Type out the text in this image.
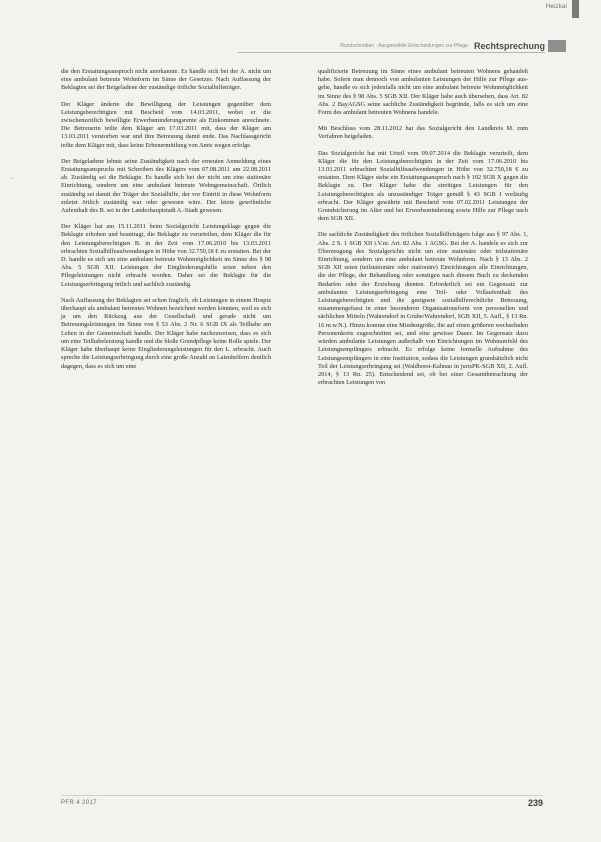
Heizkal
Rundschreiben · Ausgewählte Entscheidungen zur Pflege Rechtsprechung
–

die den Erstattungsanspruch nicht anerkannte. Es handle sich bei der A. nicht um eine ambulant betreute Wohnform im Sinne der Gesetzes. Nach Auffassung der Beklagten sei der Beigeladene der zuständige örtliche Sozialhilfeträger.

Der Kläger änderte die Bewilligung der Leistungen gegenüber dem Leistungsberechtigten mit Bescheid vom 14.03.2011, wobei er die zwischenzeitlich bewilligte Erwerbsminderungsrente als Einkommen anrechnete. Die Betreuerin teilte dem Kläger am 17.03.2011 mit, dass der Kläger am 13.03.2011 verstorben war und ihre Betreuung damit ende. Das Nachlassgericht teilte dem Kläger mit, dass keine Erbenermittlung von Amts wegen erfolge.

Der Beigeladene lehnte seine Zuständigkeit nach der erneuten Anmeldung eines Erstattungsanspruchs mit Schreiben des Klägers vom 07.08.2011 am 22.08.2011 ab. Zuständig sei die Beklagte. Es handle sich bei der nicht um eine stationäre Einrichtung, sondern um eine ambulant betreute Wohngemeinschaft. Örtlich zuständig sei damit der Träger der Sozialhilfe, der vor Eintritt in diese Wohnform zuletzt örtlich zuständig war oder gewesen wäre. Der letzte gewöhnliche Aufenthalt des B. sei in der Landeshauptstadt A.-Stadt gewesen.

Der Kläger hat am 15.11.2011 beim Sozialgericht Leistungsklage gegen die Beklagte erhoben und beantragt, die Beklagte zu verurteilen, dem Kläger die für den Leistungsberechtigten B. in der Zeit vom 17.06.2010 bis 13.03.2011 erbrachten Sozialhilfeaufwendungen in Höhe von 32.750,18 € zu erstatten. Bei der D. handle es sich um eine ambulant betreute Wohnmöglichkeit im Sinne des § 98 Abs. 5 SGB XII. Leistungen der Eingliederungshilfe seien neben den Pflegeleistungen nicht erbracht worden. Daher sei die Beklagte für die Leistungserbringung örtlich und sachlich zuständig.

Nach Auffassung der Beklagten sei schon fraglich, ob Leistungen in einem Hospiz überhaupt als ambulant betreutes Wohnen bezeichnet werden könnten, weil es sich ja um den Rückzug aus der Gesellschaft und gerade nicht um Betreuungsleistungen im Sinne von § 53 Abs. 2 Nr. 6 SGB IX als Teilhabe am Leben in der Gemeinschaft handle. Der Kläger habe nachzuweisen, dass es sich um eine Teilhabeleistung handle und die bloße Grundpflege keine Rolle spiele. Der Kläger habe überhaupt keine Eingliederungsleistungen für den L. erbracht. Auch spreche die Leistungserbringung durch eine große Anzahl an Laienhelfern deutlich dagegen, dass es sich um eine

qualifizierte Betreuung im Sinne eines ambulant betreuten Wohnens gehandelt habe. Sofern man dennoch von ambulanten Leistungen der Hilfe zur Pflege ausgehe, handle es sich jedenfalls nicht um eine ambulant betreute Wohnmöglichkeit im Sinne des § 98 Abs. 5 SGB XII. Der Kläger habe auch übersehen, dass Art. 82 Abs. 2 BayAGSG seine sachliche Zuständigkeit begründe, falls es sich um eine Form des ambulant betreuten Wohnens handele.

Mit Beschluss vom 28.11.2012 hat das Sozialgericht den Landkreis M. zum Verfahren beigeladen.

Das Sozialgericht hat mit Urteil vom 09.07.2014 die Beklagte verurteilt, dem Kläger die für den Leistungsberechtigten in der Zeit vom 17.06.2010 bis 13.03.2011 erbrachten Sozialhilfeaufwendungen in Höhe von 32.750,18 € zu erstatten. Dem Kläger stehe ein Erstattungsanspruch nach § 102 SGB X gegen die Beklagte zu. Der Kläger habe die streitigen Leistungen für den Leistungsberechtigten als unzuständiger Träger gemäß § 43 SGB I vorläufig erbracht. Der Kläger gewährte mit Bescheid vom 07.02.2011 Leistungen der Grundsicherung im Alter und bei Erwerbsminderung sowie Hilfe zur Pflege nach dem SGB XII.

Die sachliche Zuständigkeit des örtlichen Sozialhilfeträgers folge aus § 97 Abs. 1, Abs. 2 S. 1 SGB XII i.V.m. Art. 82 Abs. 1 AGSG. Bei der A. handele es sich zur Überzeugung des Sozialgerichts nicht um eine stationäre oder teilstationäre Einrichtung, sondern um eine ambulant betreute Wohnform. Nach § 13 Abs. 2 SGB XII seien (teilstationäre oder stationäre) Einrichtungen alle Einrichtungen, die der Pflege, der Behandlung oder sonstigen nach diesem Buch zu deckenden Bedarfen oder der Erziehung dienten. Erforderlich sei ein Gegensatz zur ambulanten Leistungserbringung eine Teil- oder Vollaufenthalt des Leistungsberechtigten und die geeignete sozialhilferechtliche Betreuung, zusammengefasst in einer besonderen Organisationsform von personellen und sächlichen Mitteln (Wahrendorf in Grube/Wahrendorf, SGB XII, 5. Aufl., § 13 Rn. 16 m.w.N.). Hinzu komme eine Mindestgröße, die auf einen größeren wechselnden Personenkreis zugeschnitten sei, und eine gewisse Dauer. Im Gegensatz dazu würden ambulante Leistungen außerhalb von Einrichtungen im Wohnumfeld des Leistungsempfängers erbracht. Es erfolge keine formelle Aufnahme des Leistungsempfängers in eine Institution, sodass die Leistungen grundsätzlich nicht Teil der Leistungserbringung sei (Waldhorst-Kahnau in jurisPK-SGB XII, 2. Aufl. 2014, § 13 Rn. 25). Entscheidend sei, ob bei einer Gesamtbetrachtung der erbrachten Leistungen von

PFR 4 2017	239
